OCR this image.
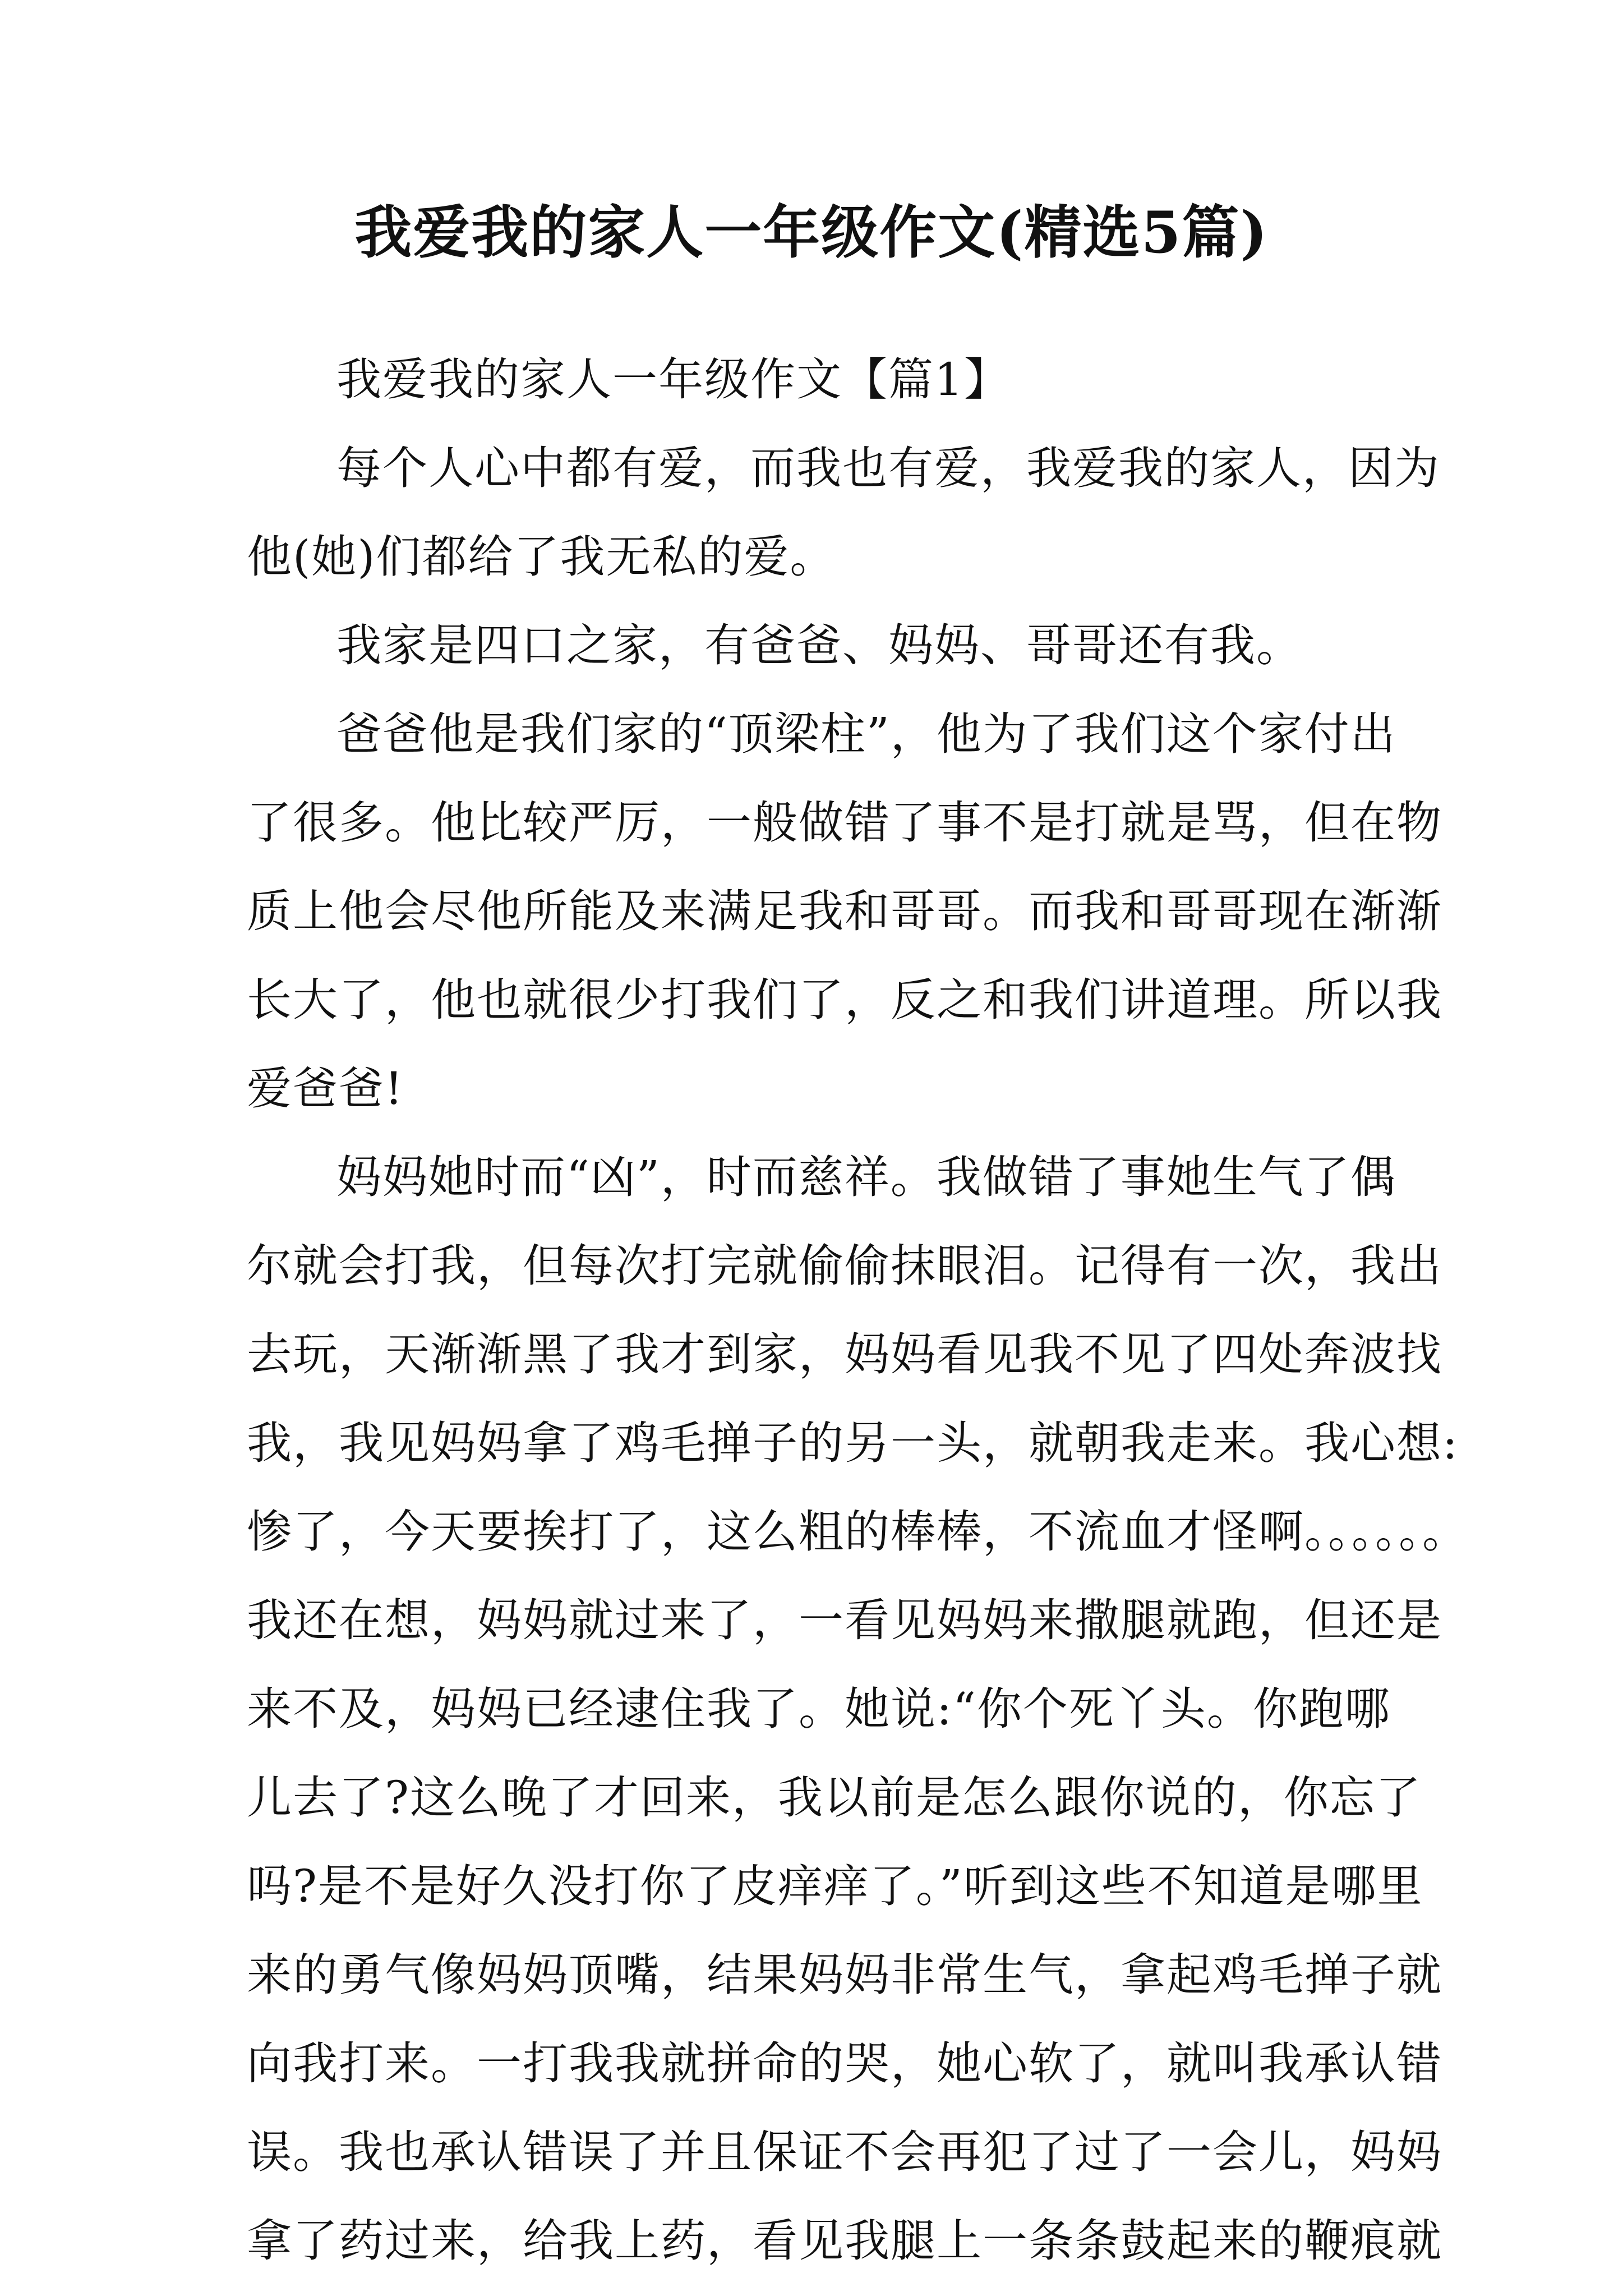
我爱我的家人一年级作文(精选5篇)
我爱我的家人一年级作文【篇1】
每个人心中都有爱，而我也有爱，我爱我的家人，因为
他(她)们都给了我无私的爱。
我家是四口之家，有爸爸、妈妈、哥哥还有我。
爸爸他是我们家的“顶梁柱”，他为了我们这个家付出
了很多。他比较严厉，一般做错了事不是打就是骂，但在物
质上他会尽他所能及来满足我和哥哥。而我和哥哥现在渐渐
长大了，他也就很少打我们了，反之和我们讲道理。所以我
爱爸爸!
妈妈她时而“凶”，时而慈祥。我做错了事她生气了偶
尔就会打我，但每次打完就偷偷抹眼泪。记得有一次，我出
去玩，天渐渐黑了我才到家，妈妈看见我不见了四处奔波找
我，我见妈妈拿了鸡毛掸子的另一头，就朝我走来。我心想:
惨了，今天要挨打了，这么粗的棒棒，不流血才怪啊。。。。。。
我还在想，妈妈就过来了，一看见妈妈来撒腿就跑，但还是
来不及，妈妈已经逮住我了。她说:“你个死丫头。你跑哪
儿去了?这么晚了才回来，我以前是怎么跟你说的，你忘了
吗?是不是好久没打你了皮痒痒了。”听到这些不知道是哪里
来的勇气像妈妈顶嘴，结果妈妈非常生气，拿起鸡毛掸子就
向我打来。一打我我就拼命的哭，她心软了，就叫我承认错
误。我也承认错误了并且保证不会再犯了过了一会儿，妈妈
拿了药过来，给我上药，看见我腿上一条条鼓起来的鞭痕就
